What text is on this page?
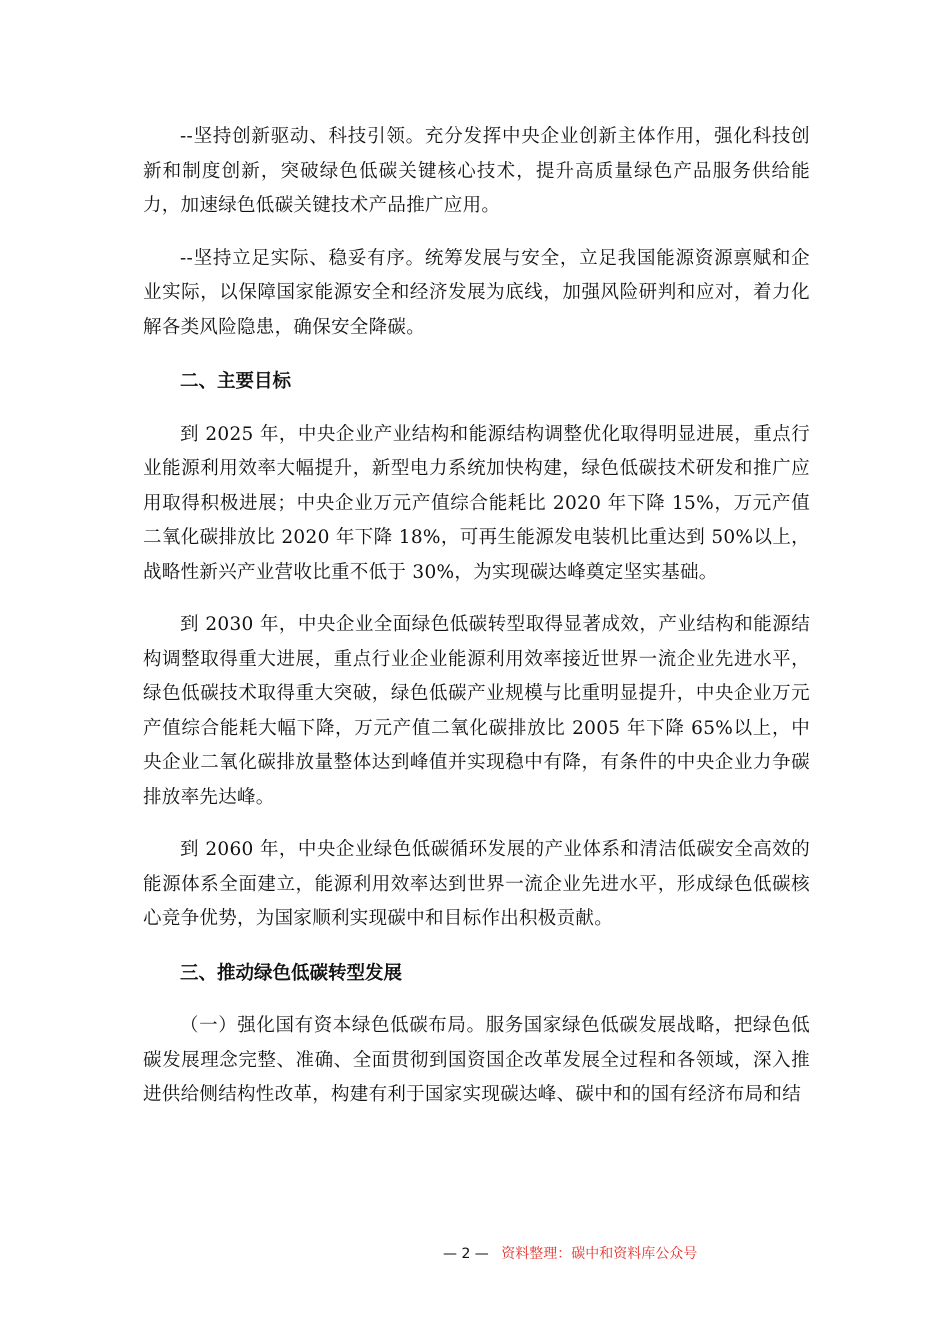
--坚持创新驱动、科技引领。充分发挥中央企业创新主体作用，强化科技创新和制度创新，突破绿色低碳关键核心技术，提升高质量绿色产品服务供给能力，加速绿色低碳关键技术产品推广应用。

--坚持立足实际、稳妥有序。统筹发展与安全，立足我国能源资源禀赋和企业实际，以保障国家能源安全和经济发展为底线，加强风险研判和应对，着力化解各类风险隐患，确保安全降碳。

二、主要目标

到 2025 年，中央企业产业结构和能源结构调整优化取得明显进展，重点行业能源利用效率大幅提升，新型电力系统加快构建，绿色低碳技术研发和推广应用取得积极进展；中央企业万元产值综合能耗比 2020 年下降 15%，万元产值二氧化碳排放比 2020 年下降 18%，可再生能源发电装机比重达到 50%以上，战略性新兴产业营收比重不低于 30%，为实现碳达峰奠定坚实基础。

到 2030 年，中央企业全面绿色低碳转型取得显著成效，产业结构和能源结构调整取得重大进展，重点行业企业能源利用效率接近世界一流企业先进水平，绿色低碳技术取得重大突破，绿色低碳产业规模与比重明显提升，中央企业万元产值综合能耗大幅下降，万元产值二氧化碳排放比 2005 年下降 65%以上，中央企业二氧化碳排放量整体达到峰值并实现稳中有降，有条件的中央企业力争碳排放率先达峰。

到 2060 年，中央企业绿色低碳循环发展的产业体系和清洁低碳安全高效的能源体系全面建立，能源利用效率达到世界一流企业先进水平，形成绿色低碳核心竞争优势，为国家顺利实现碳中和目标作出积极贡献。

三、推动绿色低碳转型发展

（一）强化国有资本绿色低碳布局。服务国家绿色低碳发展战略，把绿色低碳发展理念完整、准确、全面贯彻到国资国企改革发展全过程和各领域，深入推进供给侧结构性改革，构建有利于国家实现碳达峰、碳中和的国有经济布局和结

— 2 — 资料整理：碳中和资料库公众号
